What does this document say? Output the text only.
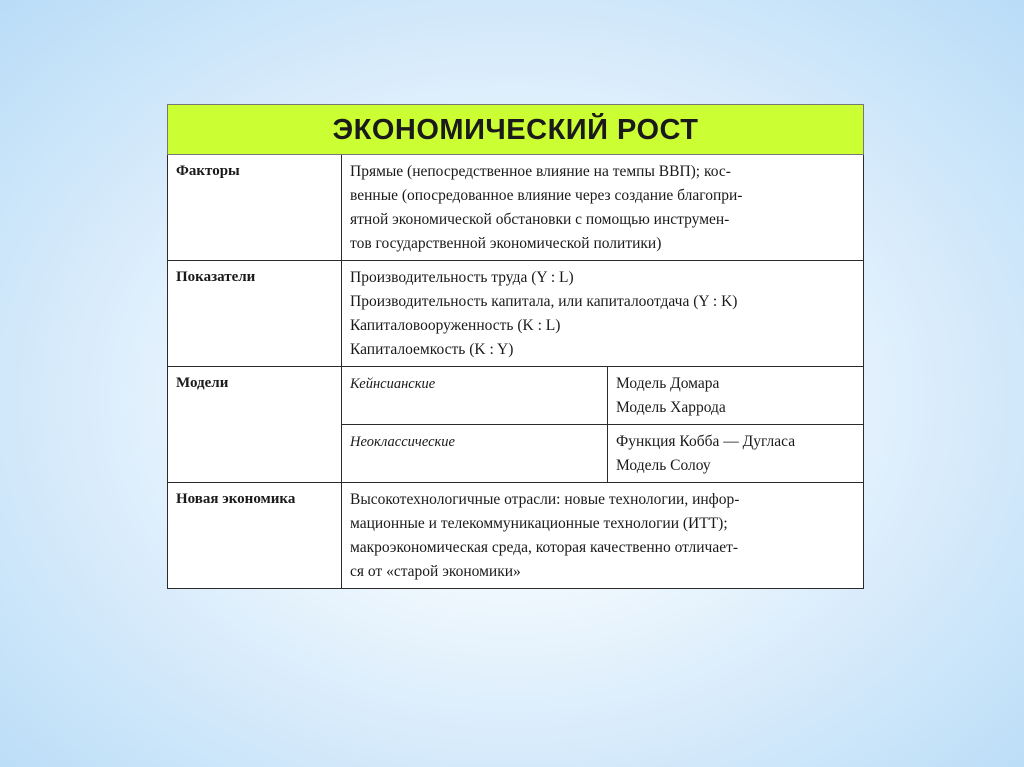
ЭКОНОМИЧЕСКИЙ РОСТ		
Факторы	Прямые (непосредственное влияние на темпы ВВП); кос-
венные (опосредованное влияние через создание благопри-
ятной экономической обстановки с помощью инструмен-
тов государственной экономической политики)	

Показатели	Производительность труда (Y : L)
Производительность капитала, или капиталоотдача (Y : K)
Капиталовооруженность (K : L)
Капиталоемкость (K : Y)	

Модели	Кейнсианские	Модель Домара
Модель Харрода

	Неоклассические	Функция Кобба — Дугласа
Модель Солоу

Новая экономика	Высокотехнологичные отрасли: новые технологии, инфор-
мационные и телекоммуникационные технологии (ИТТ);
макроэкономическая среда, которая качественно отличает-
ся от «старой экономики»	
